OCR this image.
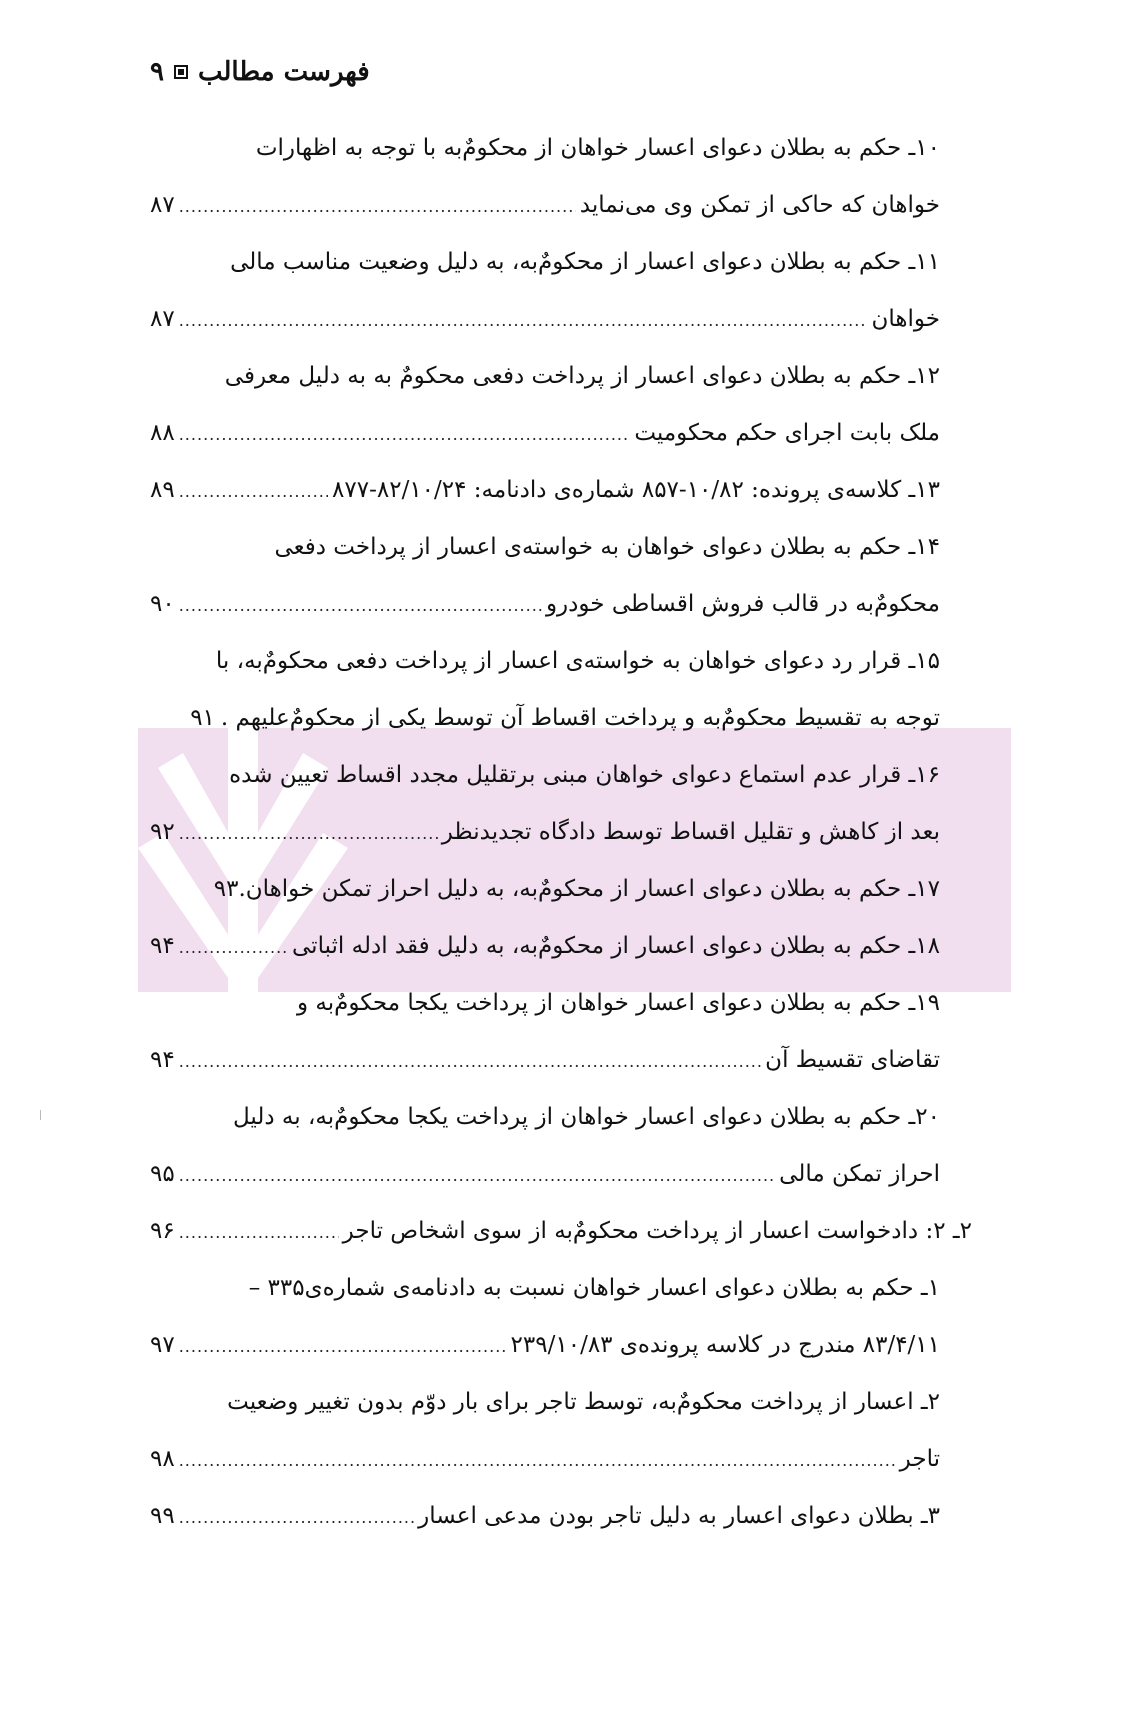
فهرست مطالب
۹
۱۰ـ حکم به بطلان دعوای اعسار خواهان از محکومٌ‌به با توجه به اظهارات
خواهان که حاکی از تمکن وی می‌نماید
.....
۸۷
۱۱ـ حکم به بطلان دعوای اعسار از محکومٌ‌به، به دلیل وضعیت مناسب مالی
خواهان
.....
۸۷
۱۲ـ حکم به بطلان دعوای اعسار از پرداخت دفعی محکومٌ به به دلیل معرفی
ملک بابت اجرای حکم محکومیت
.....
۸۸
۱۳ـ کلاسه‌ی پرونده: ۱۰/۸۲-۸۵۷ شماره‌ی دادنامه: ۸۲/۱۰/۲۴-۸۷۷
.....
۸۹
۱۴ـ حکم به بطلان دعوای خواهان به خواسته‌ی اعسار از پرداخت دفعی
محکومٌ‌به در قالب فروش اقساطی خودرو
.....
۹۰
۱۵ـ قرار رد دعوای خواهان به خواسته‌ی اعسار از پرداخت دفعی محکومٌ‌به، با
توجه به تقسیط محکومٌ‌به و پرداخت اقساط آن توسط یکی از محکومٌ‌علیهم .
۹۱
۱۶ـ قرار عدم استماع دعوای خواهان مبنی برتقلیل مجدد اقساط تعیین شده
بعد از کاهش و تقلیل اقساط توسط دادگاه تجدیدنظر
.....
۹۲
۱۷ـ حکم به بطلان دعوای اعسار از محکومٌ‌به، به دلیل احراز تمکن خواهان.
۹۳
۱۸ـ حکم به بطلان دعوای اعسار از محکومٌ‌به، به دلیل فقد ادله اثباتی
.....
۹۴
۱۹ـ حکم به بطلان دعوای اعسار خواهان از پرداخت یکجا محکومٌ‌به و
تقاضای تقسیط آن
.....
۹۴
۲۰ـ حکم به بطلان دعوای اعسار خواهان از پرداخت یکجا محکومٌ‌به، به دلیل
احراز تمکن مالی
.....
۹۵
۲ـ ۲: دادخواست اعسار از پرداخت محکومٌ‌به از سوی اشخاص تاجر
.....
۹۶
۱ـ حکم به بطلان دعوای اعسار خواهان نسبت به دادنامه‌ی شماره‌ی۳۳۵ –
۸۳/۴/۱۱ مندرج در کلاسه پرونده‌ی ۲۳۹/۱۰/۸۳
.....
۹۷
۲ـ اعسار از پرداخت محکومٌ‌به، توسط تاجر برای بار دوّم بدون تغییر وضعیت
تاجر
.....
۹۸
۳ـ بطلان دعوای اعسار به دلیل تاجر بودن مدعی اعسار
.....
۹۹
